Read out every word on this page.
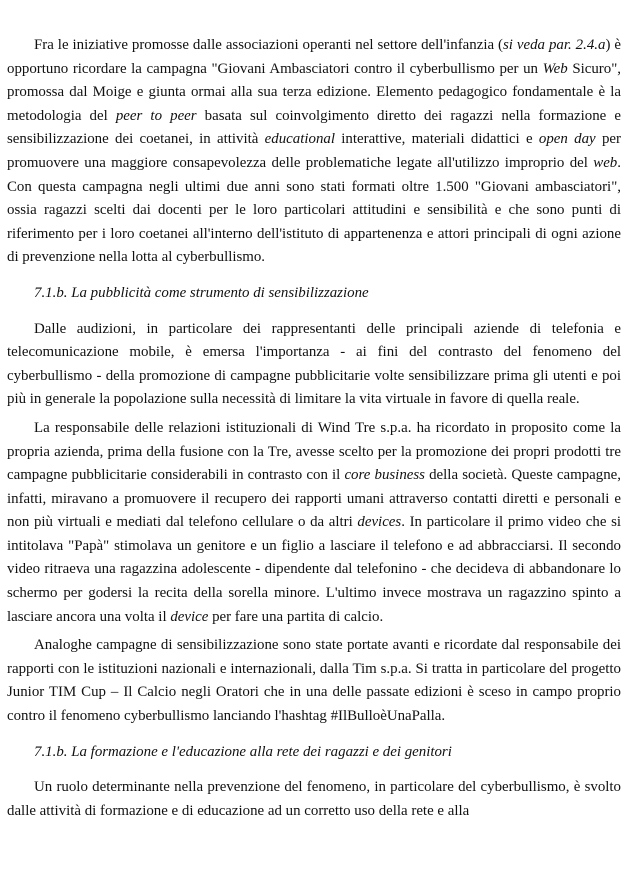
Fra le iniziative promosse dalle associazioni operanti nel settore dell'infanzia (si veda par. 2.4.a) è opportuno ricordare la campagna "Giovani Ambasciatori contro il cyberbullismo per un Web Sicuro", promossa dal Moige e giunta ormai alla sua terza edizione. Elemento pedagogico fondamentale è la metodologia del peer to peer basata sul coinvolgimento diretto dei ragazzi nella formazione e sensibilizzazione dei coetanei, in attività educational interattive, materiali didattici e open day per promuovere una maggiore consapevolezza delle problematiche legate all'utilizzo improprio del web. Con questa campagna negli ultimi due anni sono stati formati oltre 1.500 "Giovani ambasciatori", ossia ragazzi scelti dai docenti per le loro particolari attitudini e sensibilità e che sono punti di riferimento per i loro coetanei all'interno dell'istituto di appartenenza e attori principali di ogni azione di prevenzione nella lotta al cyberbullismo.

7.1.b. La pubblicità come strumento di sensibilizzazione

Dalle audizioni, in particolare dei rappresentanti delle principali aziende di telefonia e telecomunicazione mobile, è emersa l'importanza - ai fini del contrasto del fenomeno del cyberbullismo - della promozione di campagne pubblicitarie volte sensibilizzare prima gli utenti e poi più in generale la popolazione sulla necessità di limitare la vita virtuale in favore di quella reale.

La responsabile delle relazioni istituzionali di Wind Tre s.p.a. ha ricordato in proposito come la propria azienda, prima della fusione con la Tre, avesse scelto per la promozione dei propri prodotti tre campagne pubblicitarie considerabili in contrasto con il core business della società. Queste campagne, infatti, miravano a promuovere il recupero dei rapporti umani attraverso contatti diretti e personali e non più virtuali e mediati dal telefono cellulare o da altri devices. In particolare il primo video che si intitolava "Papà" stimolava un genitore e un figlio a lasciare il telefono e ad abbracciarsi. Il secondo video ritraeva una ragazzina adolescente - dipendente dal telefonino - che decideva di abbandonare lo schermo per godersi la recita della sorella minore. L'ultimo invece mostrava un ragazzino spinto a lasciare ancora una volta il device per fare una partita di calcio.

Analoghe campagne di sensibilizzazione sono state portate avanti e ricordate dal responsabile dei rapporti con le istituzioni nazionali e internazionali, dalla Tim s.p.a. Si tratta in particolare del progetto Junior TIM Cup – Il Calcio negli Oratori che in una delle passate edizioni è sceso in campo proprio contro il fenomeno cyberbullismo lanciando l'hashtag #IlBulloèUnaPalla.

7.1.b. La formazione e l'educazione alla rete dei ragazzi e dei genitori

Un ruolo determinante nella prevenzione del fenomeno, in particolare del cyberbullismo, è svolto dalle attività di formazione e di educazione ad un corretto uso della rete e alla
